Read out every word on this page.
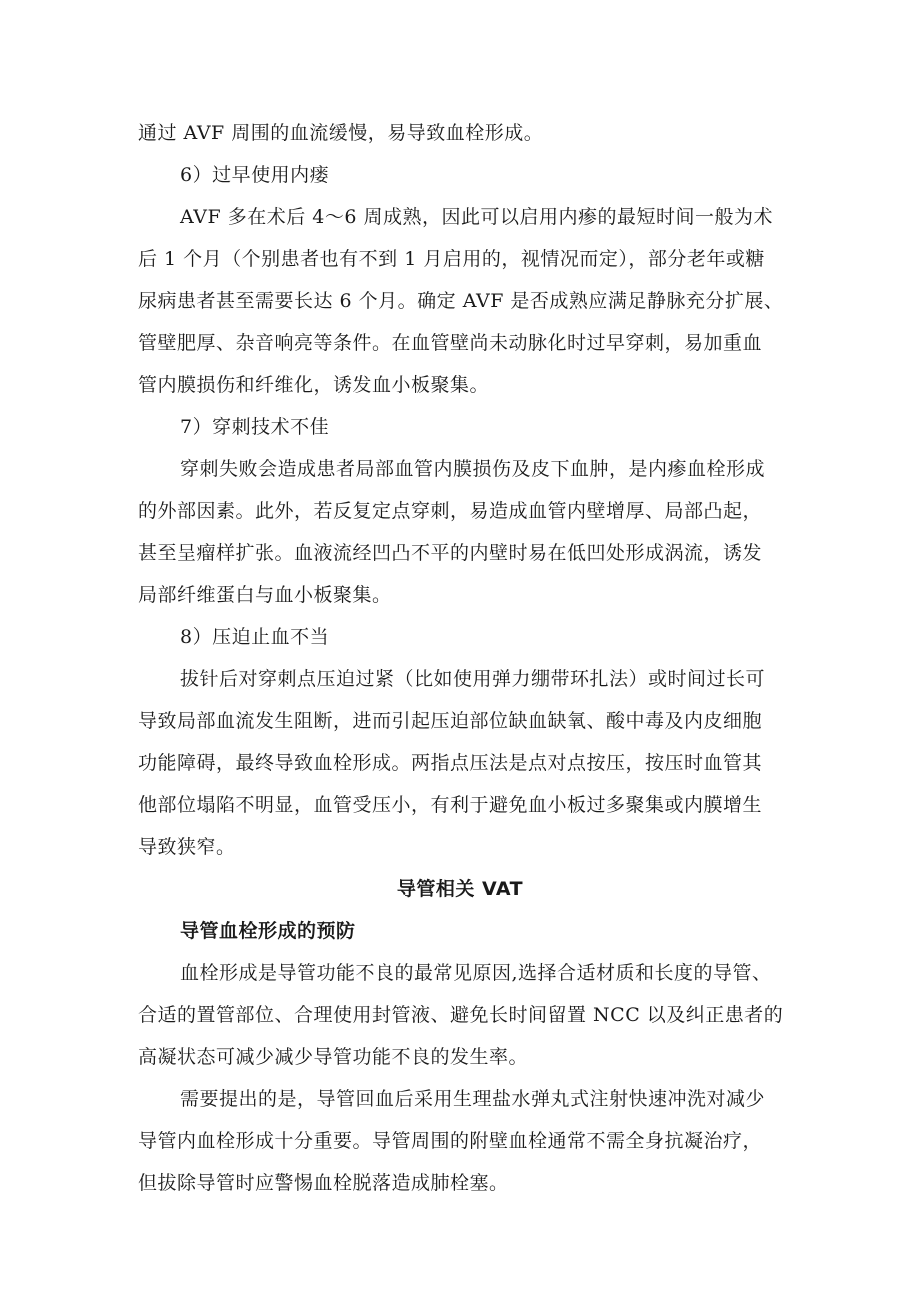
通过 AVF 周围的血流缓慢，易导致血栓形成。
6）过早使用内瘘
AVF 多在术后 4～6 周成熟，因此可以启用内瘆的最短时间一般为术
后 1 个月（个别患者也有不到 1 月启用的，视情况而定），部分老年或糖
尿病患者甚至需要长达 6 个月。确定 AVF 是否成熟应满足静脉充分扩展、
管壁肥厚、杂音响亮等条件。在血管壁尚未动脉化时过早穿刺，易加重血
管内膜损伤和纤维化，诱发血小板聚集。
7）穿刺技术不佳
穿刺失败会造成患者局部血管内膜损伤及皮下血肿，是内瘆血栓形成
的外部因素。此外，若反复定点穿刺，易造成血管内壁增厚、局部凸起，
甚至呈瘤样扩张。血液流经凹凸不平的内壁时易在低凹处形成涡流，诱发
局部纤维蛋白与血小板聚集。
8）压迫止血不当
拔针后对穿刺点压迫过紧（比如使用弹力绷带环扎法）或时间过长可
导致局部血流发生阻断，进而引起压迫部位缺血缺氧、酸中毒及内皮细胞
功能障碍，最终导致血栓形成。两指点压法是点对点按压，按压时血管其
他部位塌陷不明显，血管受压小，有利于避免血小板过多聚集或内膜增生
导致狭窄。
导管相关 VAT
导管血栓形成的预防
血栓形成是导管功能不良的最常见原因,选择合适材质和长度的导管、
合适的置管部位、合理使用封管液、避免长时间留置 NCC 以及纠正患者的
高凝状态可减少减少导管功能不良的发生率。
需要提出的是，导管回血后采用生理盐水弹丸式注射快速冲洗对减少
导管内血栓形成十分重要。导管周围的附壁血栓通常不需全身抗凝治疗，
但拔除导管时应警惕血栓脱落造成肺栓塞。
